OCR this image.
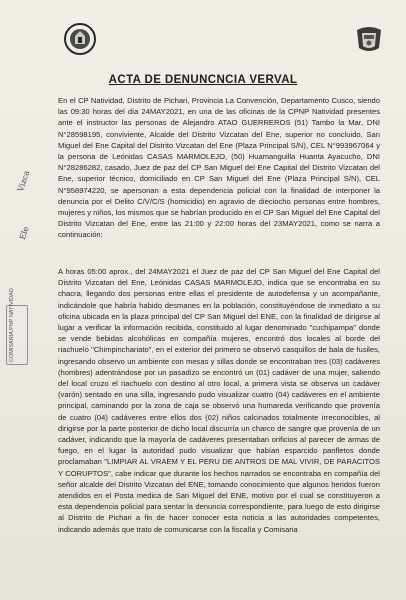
ACTA DE DENUNCNCIA VERVAL
En el CP Natividad, Distrito de Pichari, Provincia La Convención, Departamento Cusco, siendo las 09:30 horas del día 24MAY2021, en una de las oficinas de la CPNP Natividad presentes ante el instructor las personas de Alejandro ATAO GUERREROS (51) Tambo la Mar, DNI N°28598195, conviviente, Alcalde del Distrito Vizcatan del Ene, superior no concluido, San Miguel del Ene Capital del Distrito Vizcatan del Ene (Plaza Principal S/N), CEL N°993967064 y la persona de Leónidas CASAS MARMOLEJO, (50) Huamanguilla Huanta Ayacucho, DNI N°28286282, casado, Juez de paz del CP San Miguel del Ene Capital del Distrito Vizcatan del Ene, superior técnico, domiciliado en CP San Miguel del Ene (Plaza Principal S/N), CEL N°958974220, se apersonan a esta dependencia policial con la finalidad de interponer la denuncia por el Delito C/V/C/S (homicidio) en agravio de dieciocho personas entre hombres, mujeres y niños, los mismos que se habrían producido en el CP San Miguel del Ene Capital del Distrito Vizcatan del Ene, entre las 21:00 y 22:00 horas del 23MAY2021, como se narra a continuación:
A horas 05:00 aprox., del 24MAY2021 el Juez de paz del CP San Miguel del Ene Capital del Distrito Vizcatan del Ene, Leónidas CASAS MARMOLEJO, indica que se encontraba en su chacra, llegando dos personas entre ellas el presidente de autodefensa y un acompañante, indicándole que habría habido desmanes en la población, constituyéndose de inmediato a su oficina ubicada en la plaza principal del CP San Miguel del ENE, con la finalidad de dirigirse al lugar a verificar la información recibida, constituido al lugar denominado "cuchipampa" donde se vende bebidas alcohólicas en compañía mujeres, encontró dos locales al borde del riachuelo "Chimpinchariato", en el exterior del primero se observó casquillos de bala de fusiles, ingresando observo un ambiente con mesas y sillas donde se encontraban tres (03) cadáveres (hombres) adentrándose por un pasadizo se encontró un (01) cadáver de una mujer, saliendo del local cruzo el riachuelo con destino al otro local, a primera vista se observa un cadáver (varón) sentado en una silla, ingresando pudo visualizar cuatro (04) cadáveres en el ambiente principal, caminando por la zona de caja se observó una humareda verificando que provenía de cuatro (04) cadáveres entre ellos dos (02) niños calcinados totalmente irreconocibles, al dirigirse por la parte posterior de dicho local discurría un charco de sangre que provenía de un cadáver, indicando que la mayoría de cadáveres presentaban orificios al parecer de armas de fuego, en el lugar la autoridad pudo visualizar que habían esparcido panfletos donde proclamaban "LIMPIAR AL VRAEM Y EL PERU DE ANTROS DE MAL VIVIR, DE PARACITOS Y CORUPTOS", cabe indicar que durante los hechos narrados se encontraba en compañía del señor alcalde del Distrito Vizcatan del ENE, tomando conocimiento que algunos heridos fueron atendidos en el Posta medica de San Miguel del ENE, motivo por el cual se constituyeron a esta dependencia policial para sentar la denuncia correspondiente, para luego de esto dirigirse al Distrito de Pichari a fin de hacer conocer esta noticia a las autoridades competentes, indicando además que trato de comunicarse con la fiscalía y Comisaria
Vizca
Ele
COMISARIA PNP NATIVIDAD
